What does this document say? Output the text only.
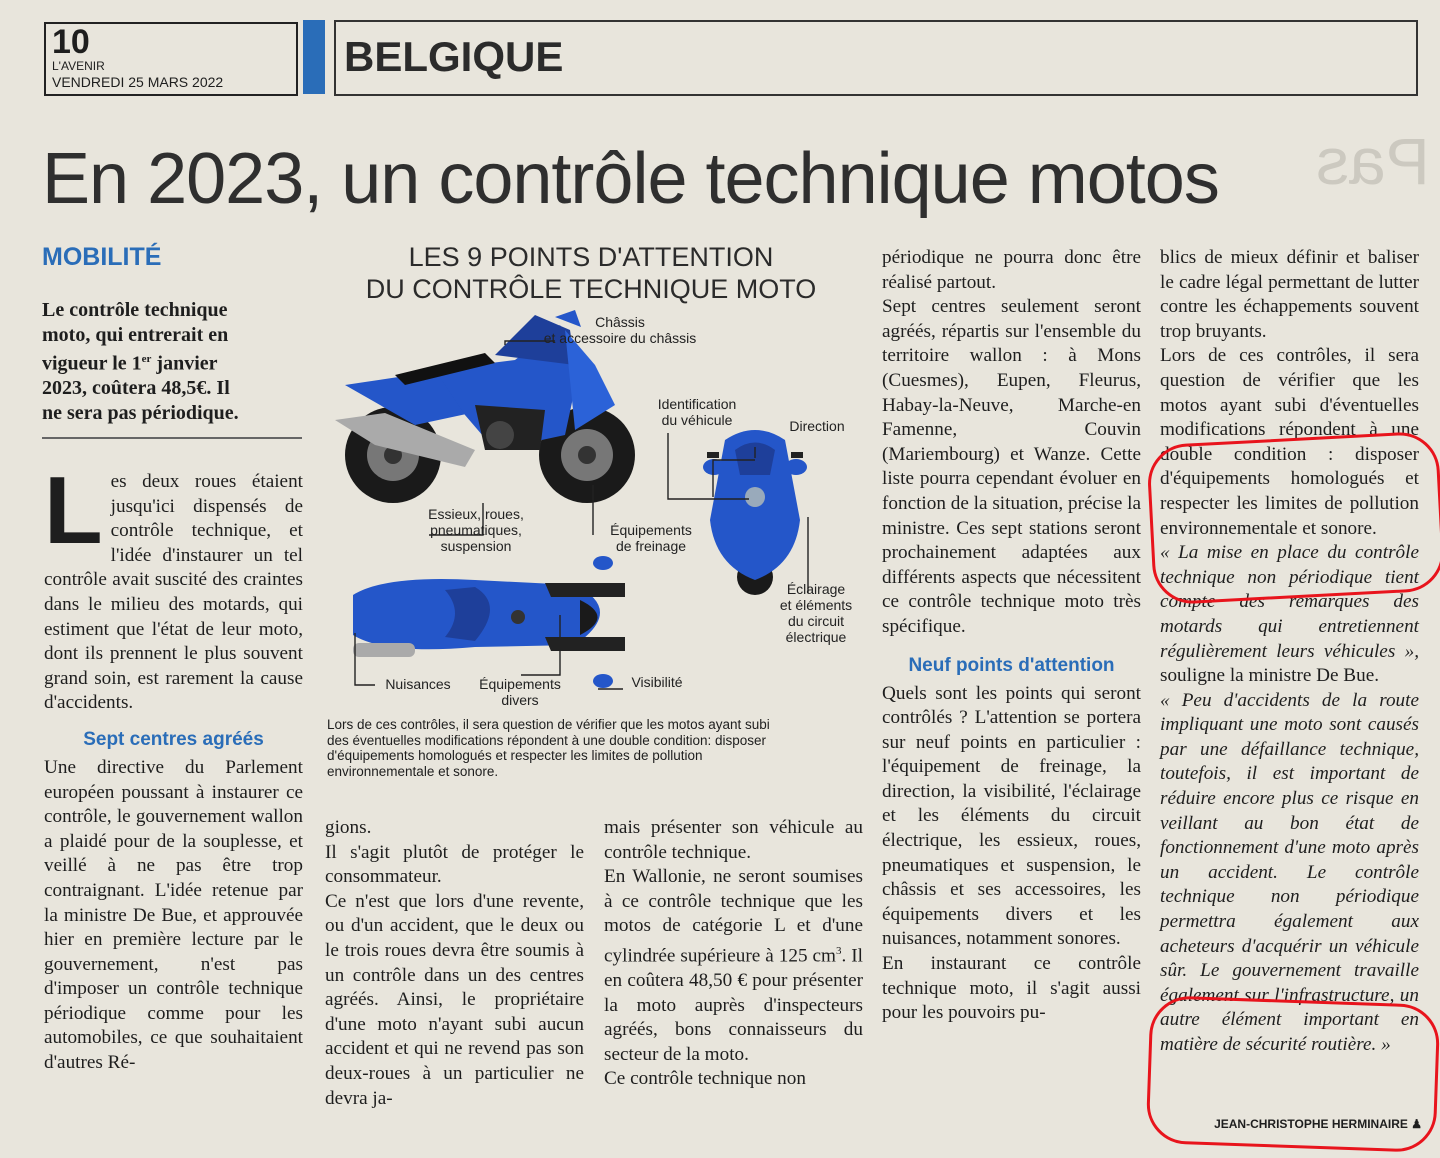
10
L'AVENIR
VENDREDI 25 MARS 2022
BELGIQUE
Pas
En 2023, un contrôle technique motos
MOBILITÉ
Le contrôle technique
moto, qui entrerait en
vigueur le 1er janvier
2023, coûtera 48,5€. Il
ne sera pas périodique.

Les deux roues étaient jusqu'ici dispensés de contrôle technique, et l'idée d'instaurer un tel contrôle avait suscité des craintes dans le milieu des motards, qui estiment que l'état de leur moto, dont ils prennent le plus souvent grand soin, est rarement la cause d'accidents.

Sept centres agréés

Une directive du Parlement européen poussant à instaurer ce contrôle, le gouvernement wallon a plaidé pour de la souplesse, et veillé à ne pas être trop contraignant. L'idée retenue par la ministre De Bue, et approuvée hier en première lecture par le gouvernement, n'est pas d'imposer un contrôle technique périodique comme pour les automobiles, ce que souhaitaient d'autres Ré-

LES 9 POINTS D'ATTENTION
DU CONTRÔLE TECHNIQUE MOTO
Châssis
et accessoire du châssis
Identification
du véhicule	Direction
Essieux, roues,
pneumatiques,
suspension
Équipements
de freinage
Éclairage
et éléments
du circuit
électrique
Nuisances	Équipements
divers
Visibilité
Lors de ces contrôles, il sera question de vérifier que les motos ayant subi
des éventuelles modifications répondent à une double condition: disposer
d'équipements homologués et respecter les limites de pollution
environnementale et sonore.

gions.

Il s'agit plutôt de protéger le consommateur.

Ce n'est que lors d'une revente, ou d'un accident, que le deux ou le trois roues devra être soumis à un contrôle dans un des centres agréés. Ainsi, le propriétaire d'une moto n'ayant subi aucun accident et qui ne revend pas son deux-roues à un particulier ne devra ja-

mais présenter son véhicule au contrôle technique.

En Wallonie, ne seront soumises à ce contrôle technique que les motos de catégorie L et d'une cylindrée supérieure à 125 $cm^3$. Il en coûtera 48,50 € pour présenter la moto auprès d'inspecteurs agréés, bons connaisseurs du secteur de la moto.

Ce contrôle technique non

périodique ne pourra donc être réalisé partout.

Sept centres seulement seront agréés, répartis sur l'ensemble du territoire wallon : à Mons (Cuesmes), Eupen, Fleurus, Habay-la-Neuve, Marche-en Famenne, Couvin (Mariembourg) et Wanze. Cette liste pourra cependant évoluer en fonction de la situation, précise la ministre. Ces sept stations seront prochainement adaptées aux différents aspects que nécessitent ce contrôle technique moto très spécifique.

Neuf points d'attention

Quels sont les points qui seront contrôlés ? L'attention se portera sur neuf points en particulier : l'équipement de freinage, la direction, la visibilité, l'éclairage et les éléments du circuit électrique, les essieux, roues, pneumatiques et suspension, le châssis et ses accessoires, les équipements divers et les nuisances, notamment sonores.

En instaurant ce contrôle technique moto, il s'agit aussi pour les pouvoirs pu-

blics de mieux définir et baliser le cadre légal permettant de lutter contre les échappements souvent trop bruyants.

Lors de ces contrôles, il sera question de vérifier que les motos ayant subi d'éventuelles modifications répondent à une double condition : disposer d'équipements homologués et respecter les limites de pollution environnementale et sonore.

« La mise en place du contrôle technique non périodique tient compte des remarques des motards qui entretiennent régulièrement leurs véhicules », souligne la ministre De Bue.

« Peu d'accidents de la route impliquant une moto sont causés par une défaillance technique, toutefois, il est important de réduire encore plus ce risque en veillant au bon état de fonctionnement d'une moto après un accident. Le contrôle technique non périodique permettra également aux acheteurs d'acquérir un véhicule sûr. Le gouvernement travaille également sur l'infrastructure, un autre élément important en matière de sécurité routière. »

JEAN-CHRISTOPHE HERMINAIRE ♟
